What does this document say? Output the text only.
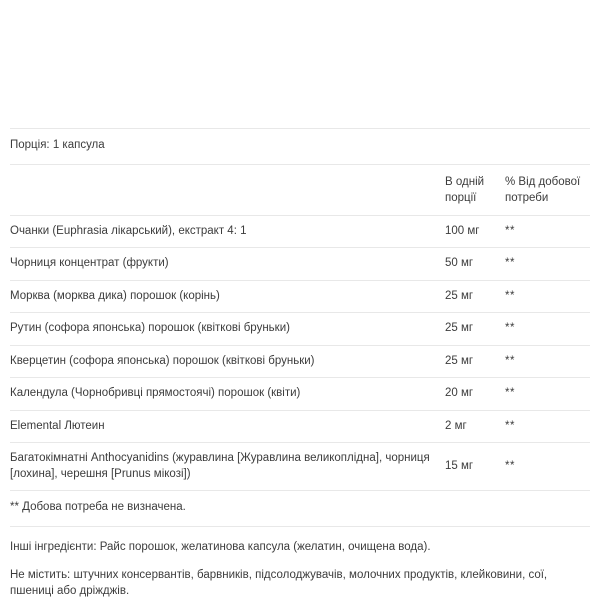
Порція: 1 капсула		

	В одній порції	% Від добової потреби

Очанки (Euphrasia лікарський), екстракт 4: 1	100 мг	**
Чорниця концентрат (фрукти)	50 мг	**
Морква (морква дика) порошок (корінь)	25 мг	**
Рутин (софора японська) порошок (квіткові бруньки)	25 мг	**
Кверцетин (софора японська) порошок (квіткові бруньки)	25 мг	**
Календула (Чорнобривці прямостоячі) порошок (квіти)	20 мг	**
Elemental Лютеин	2 мг	**
Багатокімнатні Anthocyanidins (журавлина [Журавлина великоплідна], чорниця [лохина], черешня [Prunus мікозі])	15 мг	**
** Добова потреба не визначена.		

Інші інгредієнти: Райс порошок, желатинова капсула (желатин, очищена вода).

Не містить: штучних консервантів, барвників, підсолоджувачів, молочних продуктів, клейковини, сої, пшениці або дріжджів.
